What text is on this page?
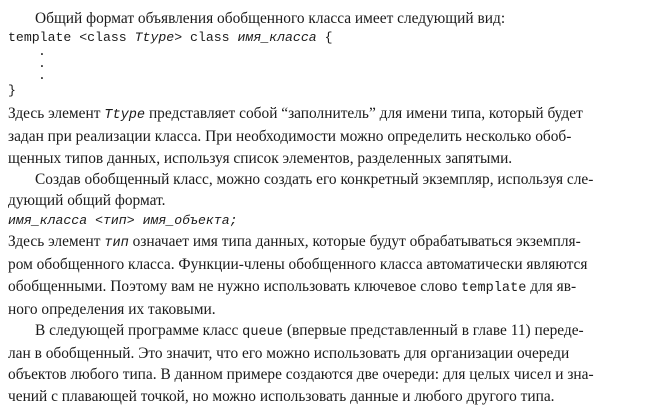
Общий формат объявления обобщенного класса имеет следующий вид:

template <class Ttype> class имя_класса {

.

.

.

}

Здесь элемент Ttype представляет собой “заполнитель” для имени типа, который будет

задан при реализации класса. При необходимости можно определить несколько обоб-

щенных типов данных, используя список элементов, разделенных запятыми.

Создав обобщенный класс, можно создать его конкретный экземпляр, используя сле-

дующий общий формат.

имя_класса <тип> имя_объекта;

Здесь элемент тип означает имя типа данных, которые будут обрабатываться экземпля-

ром обобщенного класса. Функции-члены обобщенного класса автоматически являются

обобщенными. Поэтому вам не нужно использовать ключевое слово template для яв-

ного определения их таковыми.

В следующей программе класс queue (впервые представленный в главе 11) переде-

лан в обобщенный. Это значит, что его можно использовать для организации очереди

объектов любого типа. В данном примере создаются две очереди: для целых чисел и зна-

чений с плавающей точкой, но можно использовать данные и любого другого типа.
